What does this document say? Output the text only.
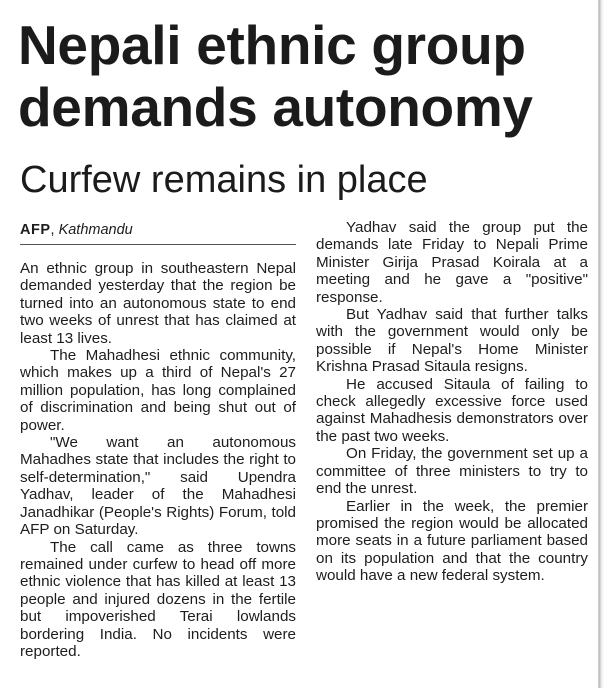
Nepali ethnic group demands autonomy
Curfew remains in place
AFP, Kathmandu

An ethnic group in southeastern Nepal demanded yesterday that the region be turned into an autonomous state to end two weeks of unrest that has claimed at least 13 lives.

The Mahadhesi ethnic community, which makes up a third of Nepal's 27 million population, has long complained of discrimination and being shut out of power.

"We want an autonomous Mahadhes state that includes the right to self-determination," said Upendra Yadhav, leader of the Mahadhesi Janadhikar (People's Rights) Forum, told AFP on Saturday.

The call came as three towns remained under curfew to head off more ethnic violence that has killed at least 13 people and injured dozens in the fertile but impoverished Terai lowlands bordering India. No incidents were reported.

Yadhav said the group put the demands late Friday to Nepali Prime Minister Girija Prasad Koirala at a meeting and he gave a "positive" response.

But Yadhav said that further talks with the government would only be possible if Nepal's Home Minister Krishna Prasad Sitaula resigns.

He accused Sitaula of failing to check allegedly excessive force used against Mahadhesis demonstrators over the past two weeks.

On Friday, the government set up a committee of three ministers to try to end the unrest.

Earlier in the week, the premier promised the region would be allocated more seats in a future parliament based on its population and that the country would have a new federal system.
